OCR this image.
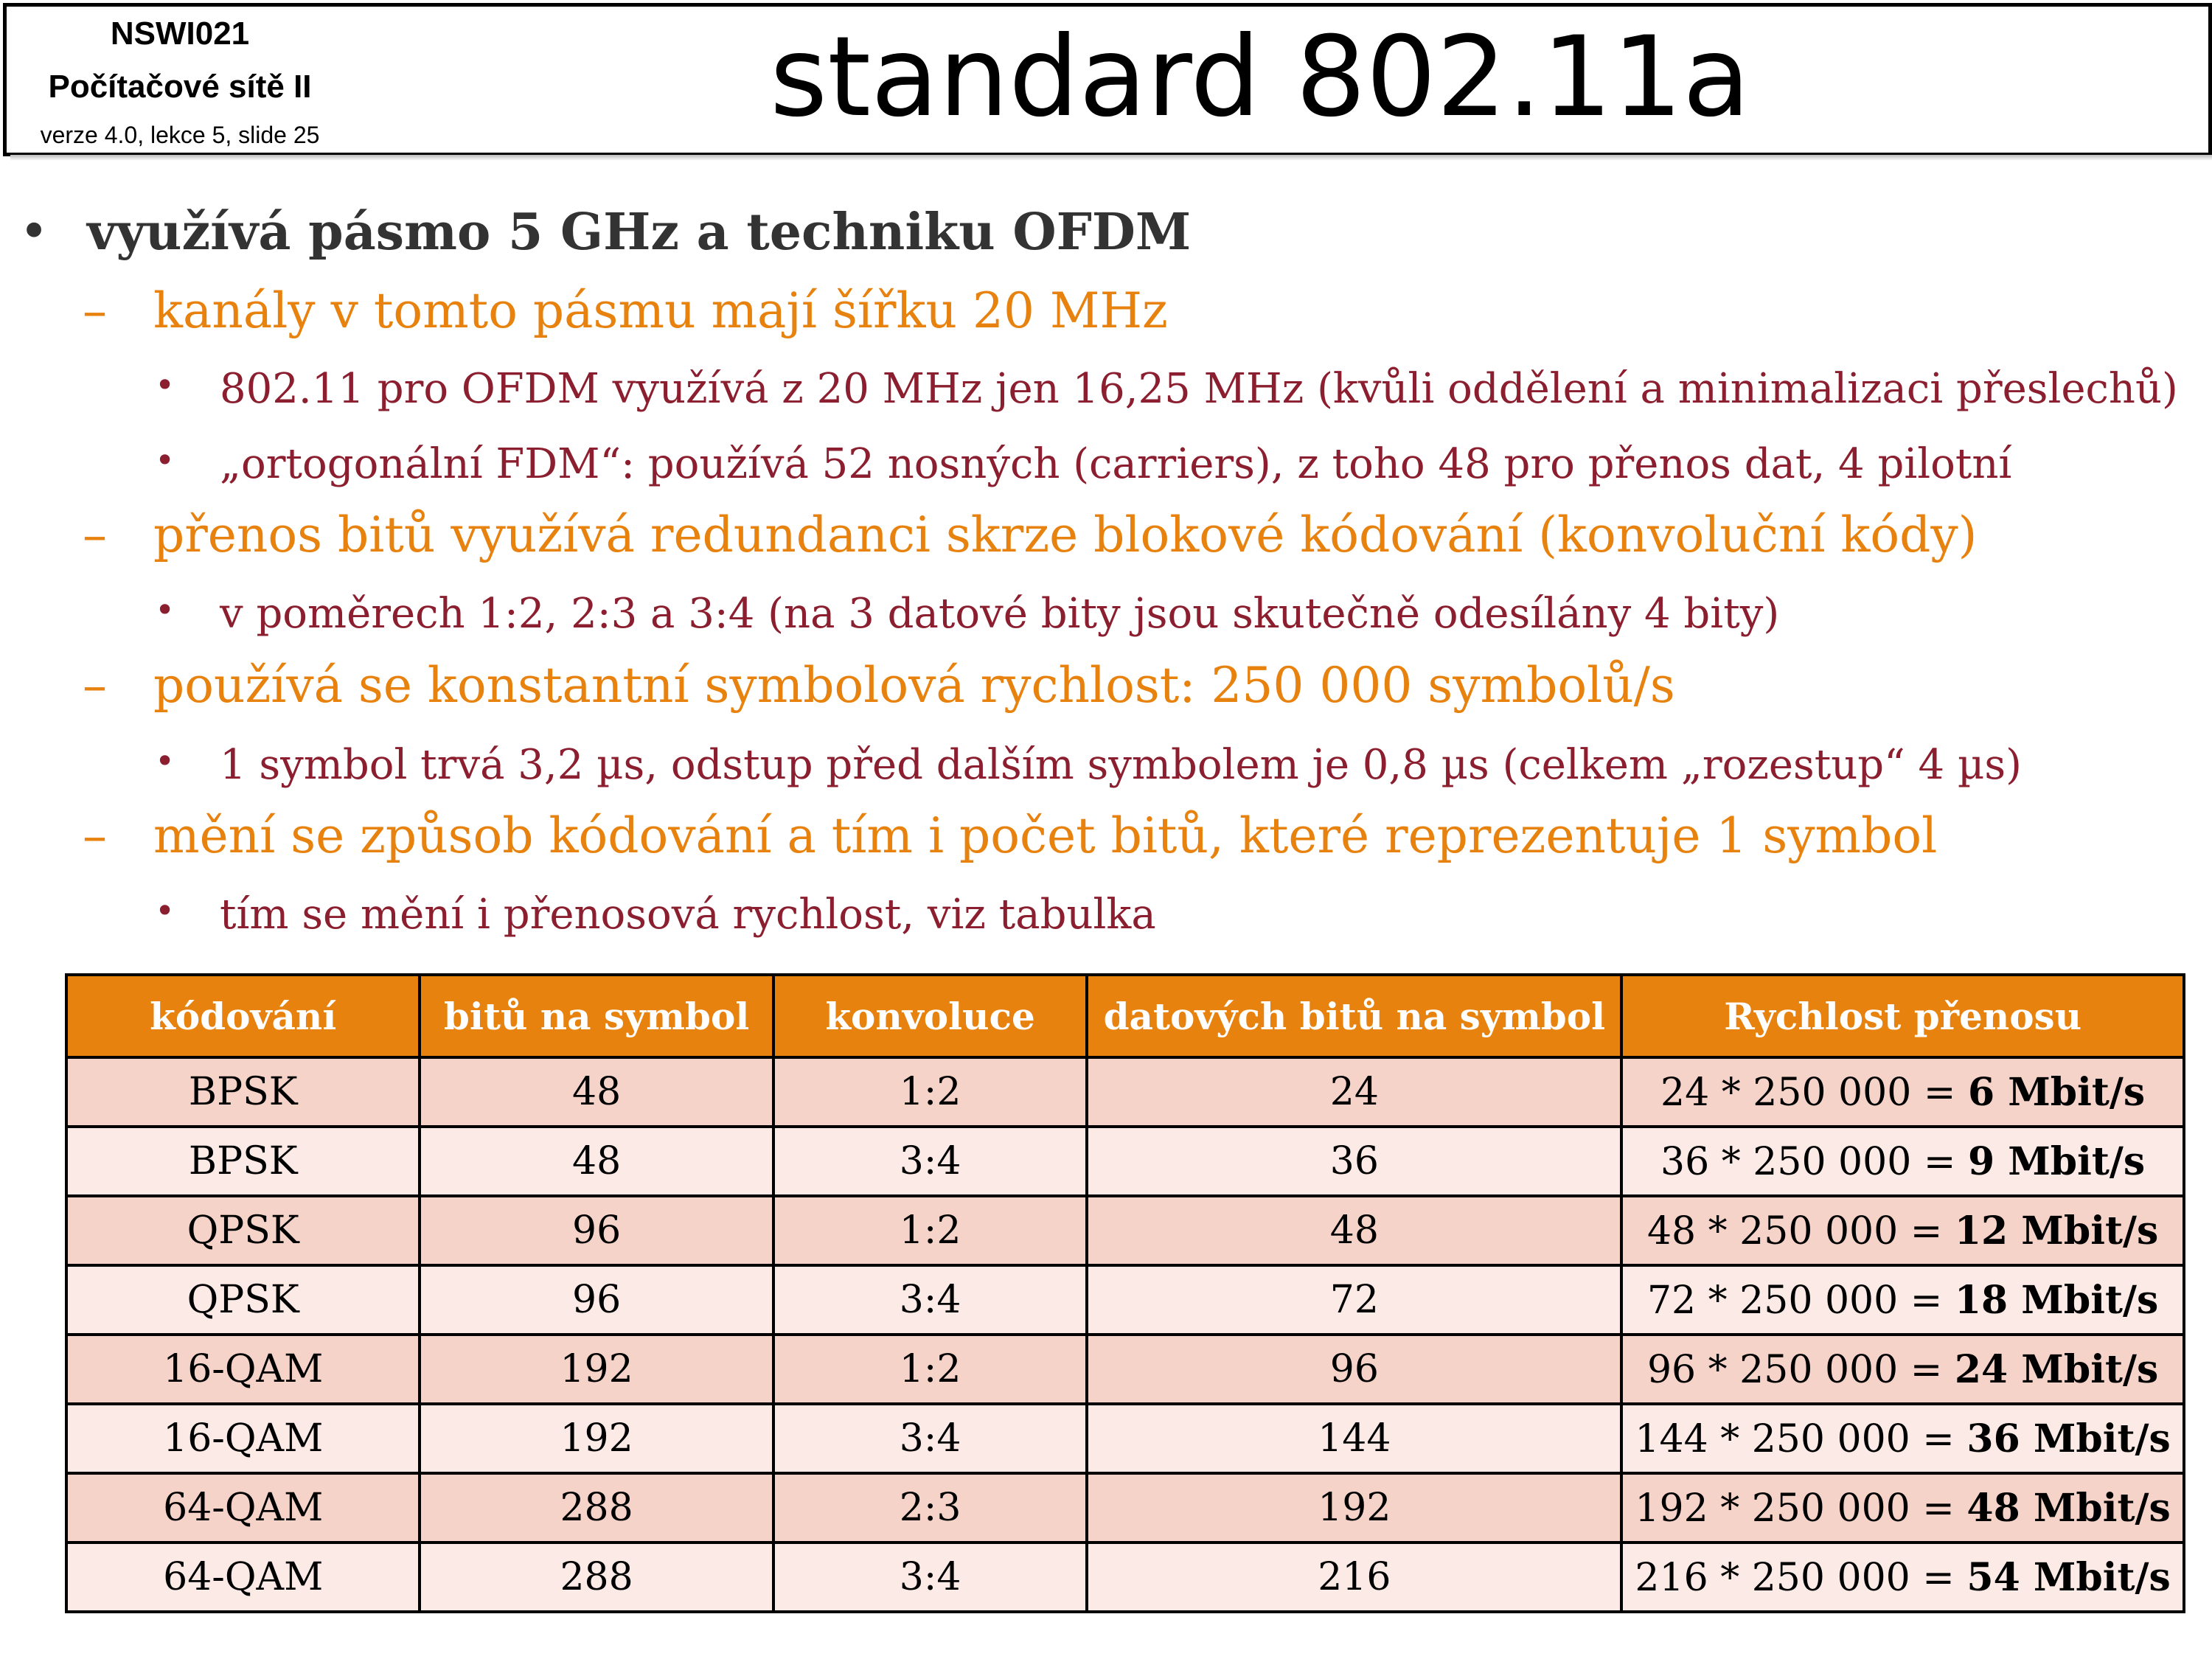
NSWI021
Počítačové sítě II
verze 4.0, lekce 5, slide 25	standard 802.11a
• využívá pásmo 5 GHz a techniku OFDM
– kanály v tomto pásmu mají šířku 20 MHz
• 802.11 pro OFDM využívá z 20 MHz jen 16,25 MHz (kvůli oddělení a minimalizaci přeslechů)
• „ortogonální FDM“: používá 52 nosných (carriers), z toho 48 pro přenos dat, 4 pilotní
– přenos bitů využívá redundanci skrze blokové kódování (konvoluční kódy)
• v poměrech 1:2, 2:3 a 3:4 (na 3 datové bity jsou skutečně odesílány 4 bity)
– používá se konstantní symbolová rychlost: 250 000 symbolů/s
• 1 symbol trvá 3,2 µs, odstup před dalším symbolem je 0,8 µs (celkem „rozestup“ 4 µs)
– mění se způsob kódování a tím i počet bitů, které reprezentuje 1 symbol
• tím se mění i přenosová rychlost, viz tabulka
kódování	bitů na symbol	konvoluce	datových bitů na symbol	Rychlost přenosu
BPSK	48	1:2	24	24 * 250 000 = 6 Mbit/s
BPSK	48	3:4	36	36 * 250 000 = 9 Mbit/s
QPSK	96	1:2	48	48 * 250 000 = 12 Mbit/s
QPSK	96	3:4	72	72 * 250 000 = 18 Mbit/s
16-QAM	192	1:2	96	96 * 250 000 = 24 Mbit/s
16-QAM	192	3:4	144	144 * 250 000 = 36 Mbit/s
64-QAM	288	2:3	192	192 * 250 000 = 48 Mbit/s
64-QAM	288	3:4	216	216 * 250 000 = 54 Mbit/s
